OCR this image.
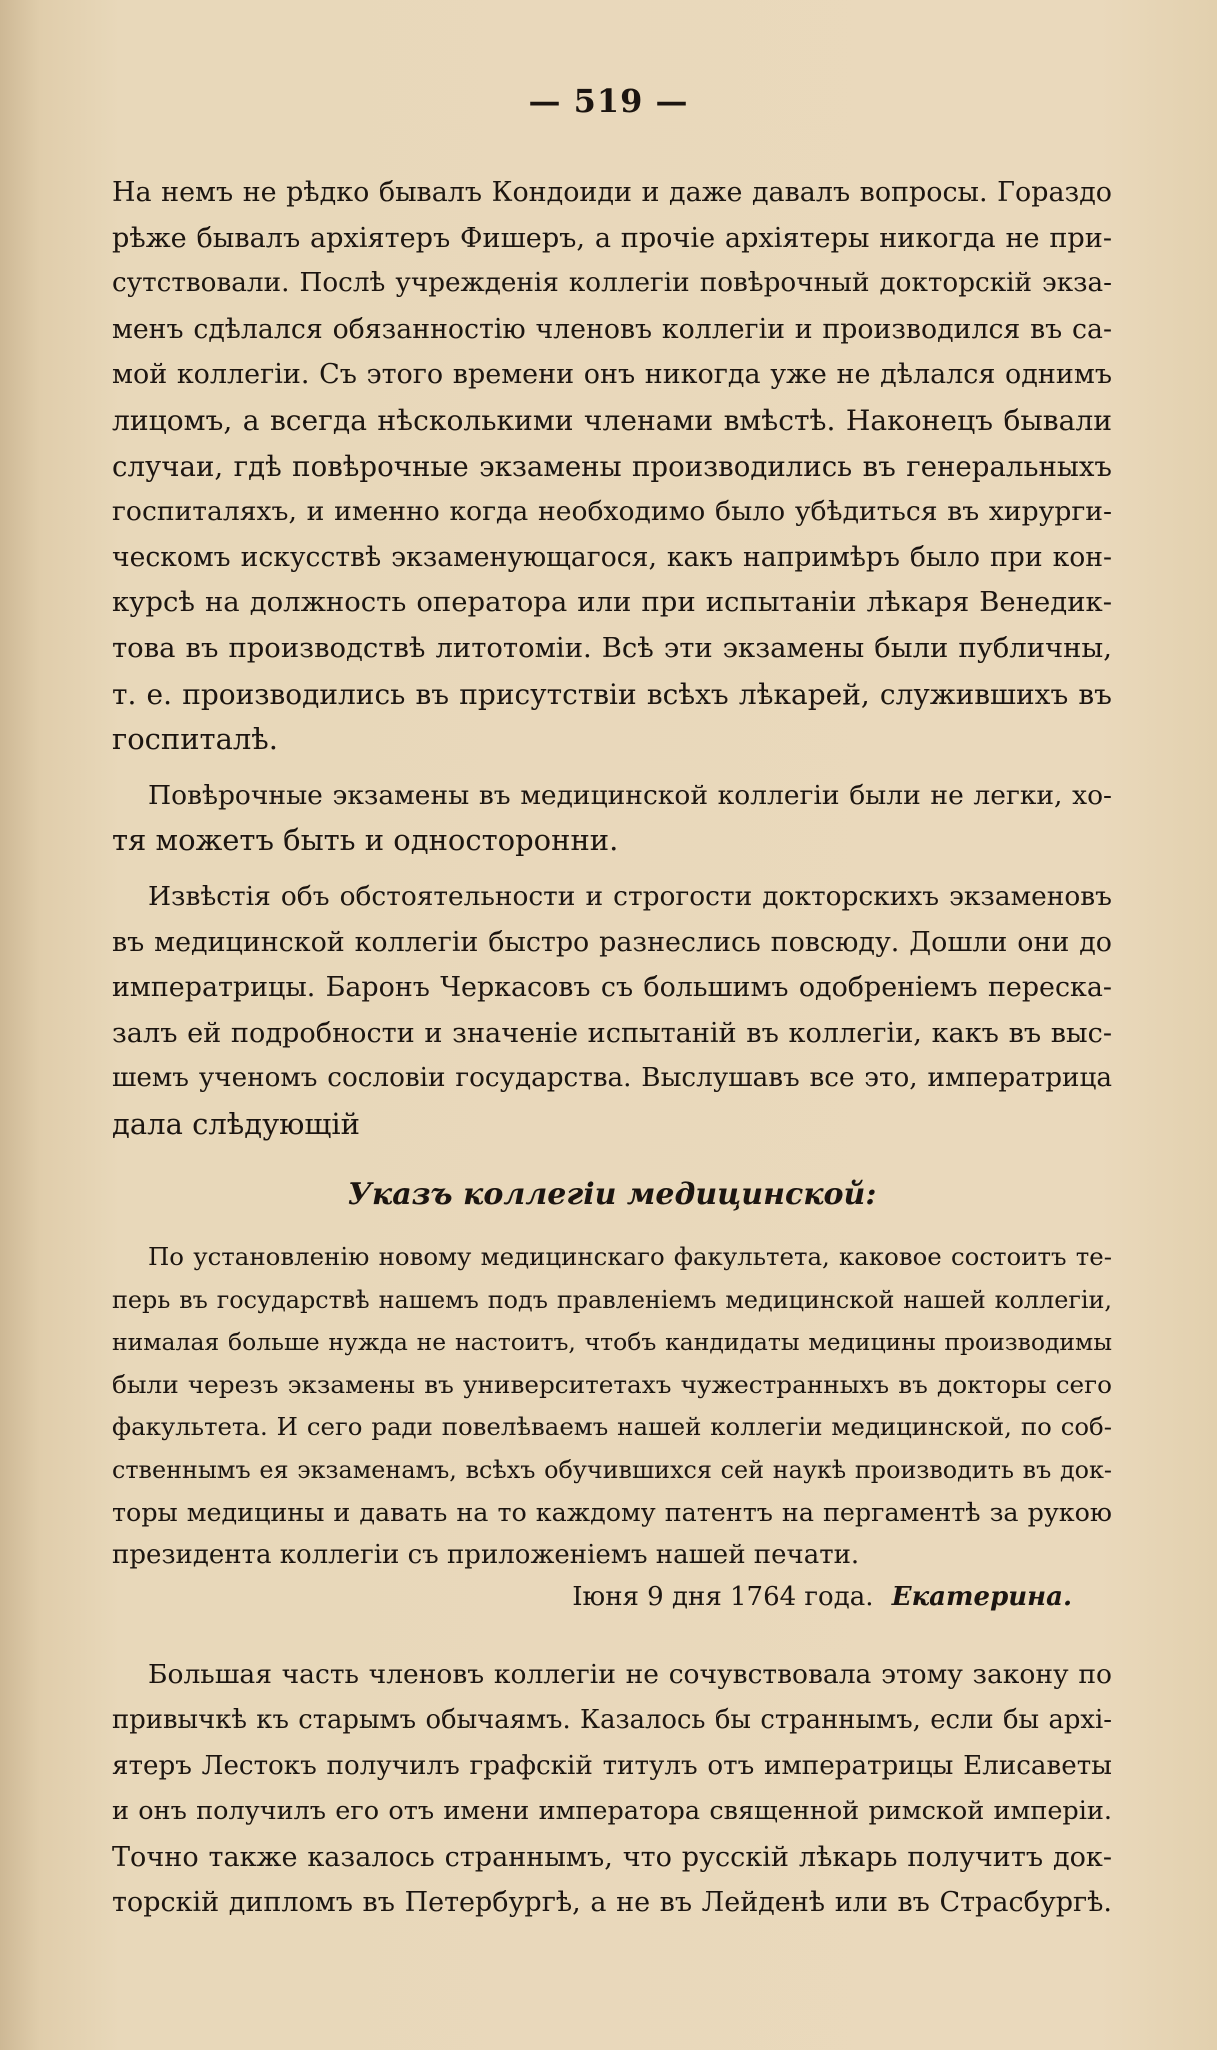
— 519 —
На немъ не рѣдко бывалъ Кондоиди и даже давалъ вопросы. Гораздо
рѣже бывалъ архіятеръ Фишеръ, а прочіе архіятеры никогда не при-
сутствовали. Послѣ учрежденія коллегіи повѣрочный докторскій экза-
менъ сдѣлался обязанностію членовъ коллегіи и производился въ са-
мой коллегіи. Съ этого времени онъ никогда уже не дѣлался однимъ
лицомъ, а всегда нѣсколькими членами вмѣстѣ. Наконецъ бывали
случаи, гдѣ повѣрочные экзамены производились въ генеральныхъ
госпиталяхъ, и именно когда необходимо было убѣдиться въ хирурги-
ческомъ искусствѣ экзаменующагося, какъ напримѣръ было при кон-
курсѣ на должность оператора или при испытаніи лѣкаря Венедик-
това въ производствѣ литотоміи. Всѣ эти экзамены были публичны,
т. е. производились въ присутствіи всѣхъ лѣкарей, служившихъ въ
госпиталѣ.
Повѣрочные экзамены въ медицинской коллегіи были не легки, хо-
тя можетъ быть и односторонни.
Извѣстія объ обстоятельности и строгости докторскихъ экзаменовъ
въ медицинской коллегіи быстро разнеслись повсюду. Дошли они до
императрицы. Баронъ Черкасовъ съ большимъ одобреніемъ переска-
залъ ей подробности и значеніе испытаній въ коллегіи, какъ въ выс-
шемъ ученомъ сословіи государства. Выслушавъ все это, императрица
дала слѣдующій
Указъ коллегіи медицинской:
По установленію новому медицинскаго факультета, каковое состоитъ те-
перь въ государствѣ нашемъ подъ правленіемъ медицинской нашей коллегіи,
нималая больше нужда не настоитъ, чтобъ кандидаты медицины производимы
были черезъ экзамены въ университетахъ чужестранныхъ въ докторы сего
факультета. И сего ради повелѣваемъ нашей коллегіи медицинской, по соб-
ственнымъ ея экзаменамъ, всѣхъ обучившихся сей наукѣ производить въ док-
торы медицины и давать на то каждому патентъ на пергаментѣ за рукою
президента коллегіи съ приложеніемъ нашей печати.
Іюня 9 дня 1764 года. Екатерина.
Большая часть членовъ коллегіи не сочувствовала этому закону по
привычкѣ къ старымъ обычаямъ. Казалось бы страннымъ, если бы архі-
ятеръ Лестокъ получилъ графскій титулъ отъ императрицы Елисаветы
и онъ получилъ его отъ имени императора священной римской имперіи.
Точно также казалось страннымъ, что русскій лѣкарь получитъ док-
торскій дипломъ въ Петербургѣ, а не въ Лейденѣ или въ Страсбургѣ.
